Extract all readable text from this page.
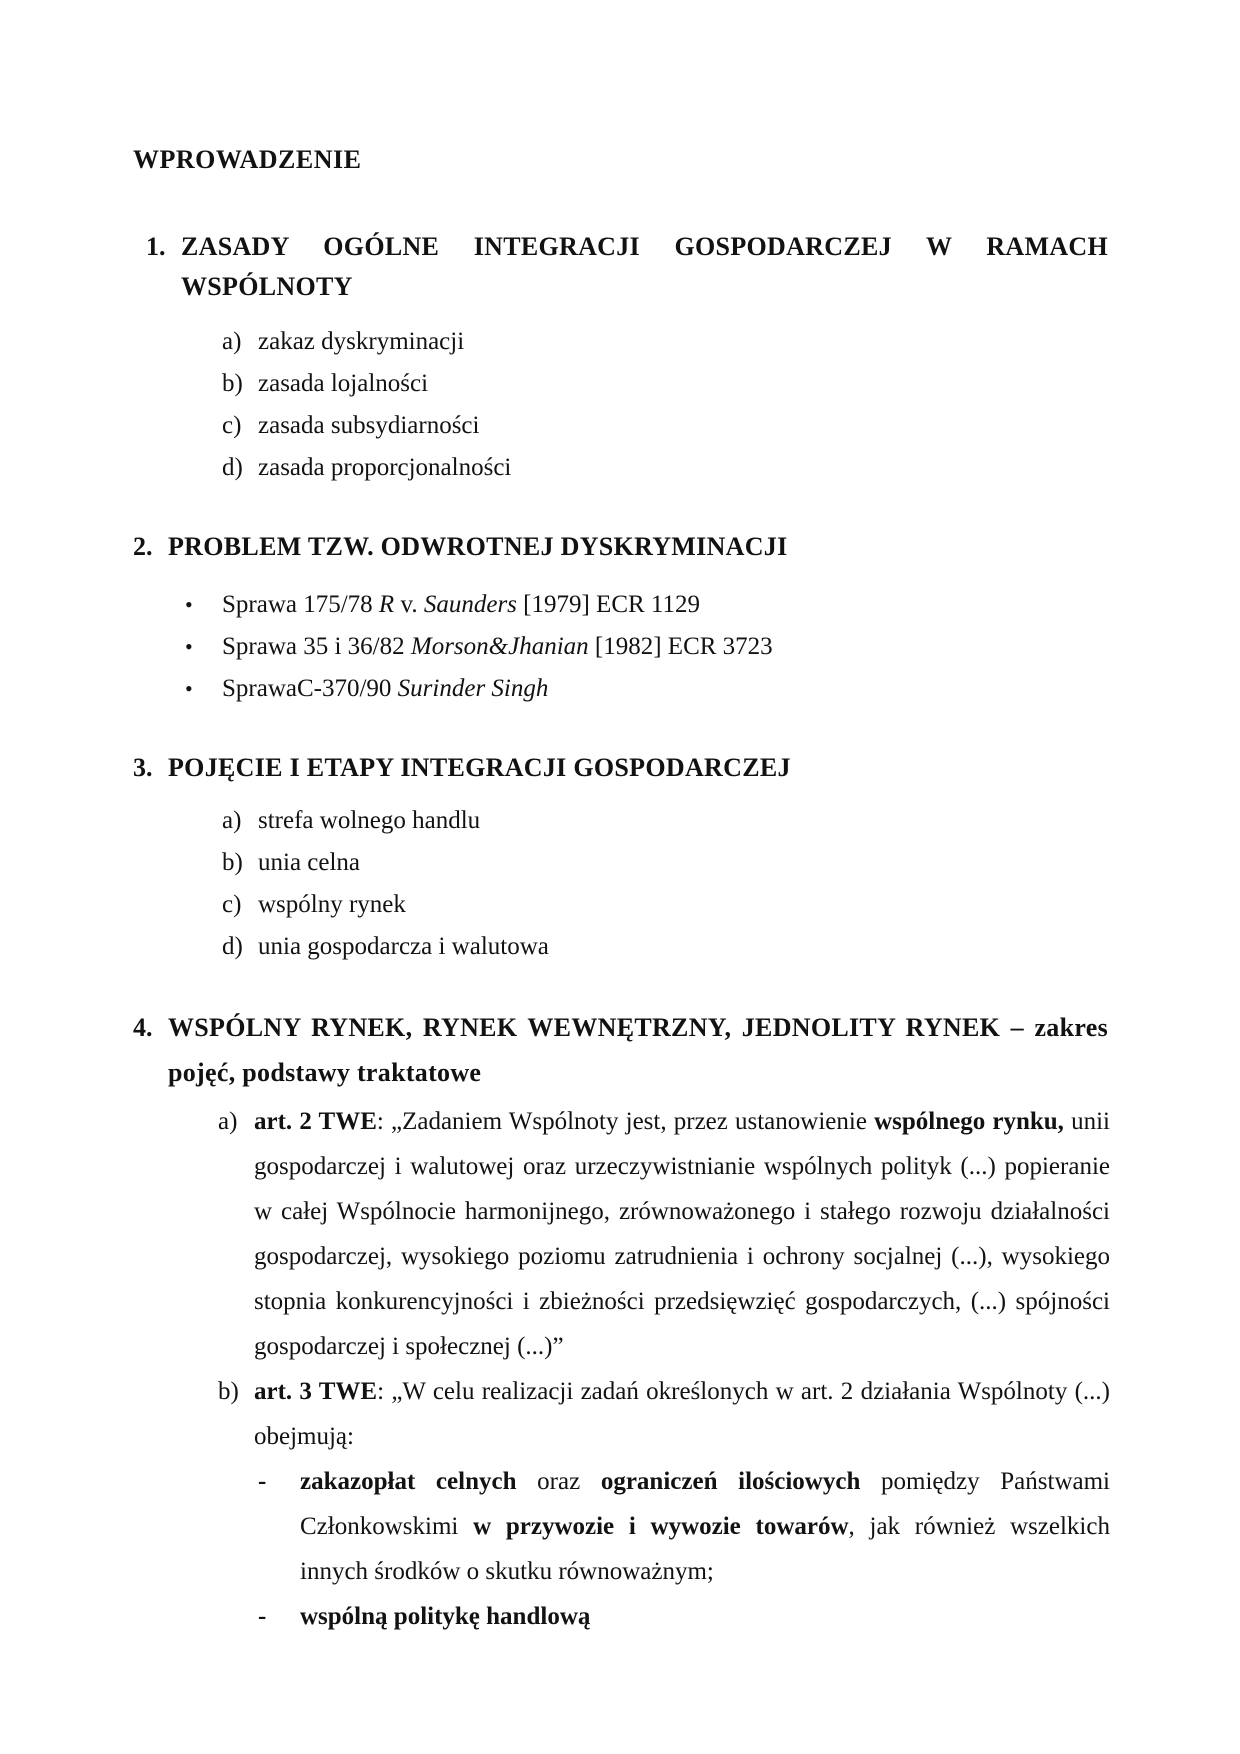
WPROWADZENIE
1. ZASADY OGÓLNE INTEGRACJI GOSPODARCZEJ W RAMACH
WSPÓLNOTY
a) zakaz dyskryminacji
b) zasada lojalności
c) zasada subsydiarności
d) zasada proporcjonalności
2. PROBLEM TZW. ODWROTNEJ DYSKRYMINACJI
•	Sprawa 175/78 R v. Saunders [1979] ECR 1129
•	Sprawa 35 i 36/82 Morson&Jhanian [1982] ECR 3723
•	SprawaC-370/90 Surinder Singh
3. POJĘCIE I ETAPY INTEGRACJI GOSPODARCZEJ
a) strefa wolnego handlu
b) unia celna
c) wspólny rynek
d) unia gospodarcza i walutowa
4. WSPÓLNY RYNEK, RYNEK WEWNĘTRZNY, JEDNOLITY RYNEK – zakres
pojęć, podstawy traktatowe
a) art. 2 TWE: „Zadaniem Wspólnoty jest, przez ustanowienie wspólnego rynku, unii gospodarczej i walutowej oraz urzeczywistnianie wspólnych polityk (...) popieranie w całej Wspólnocie harmonijnego, zrównoważonego i stałego rozwoju działalności gospodarczej, wysokiego poziomu zatrudnienia i ochrony socjalnej (...), wysokiego stopnia konkurencyjności i zbieżności przedsięwzięć gospodarczych, (...) spójności gospodarczej i społecznej (...)”
b) art. 3 TWE: „W celu realizacji zadań określonych w art. 2 działania Wspólnoty (...) obejmują:
-	zakazopłat celnych oraz ograniczeń ilościowych pomiędzy Państwami Członkowskimi w przywozie i wywozie towarów, jak również wszelkich innych środków o skutku równoważnym;
-	wspólną politykę handlową
